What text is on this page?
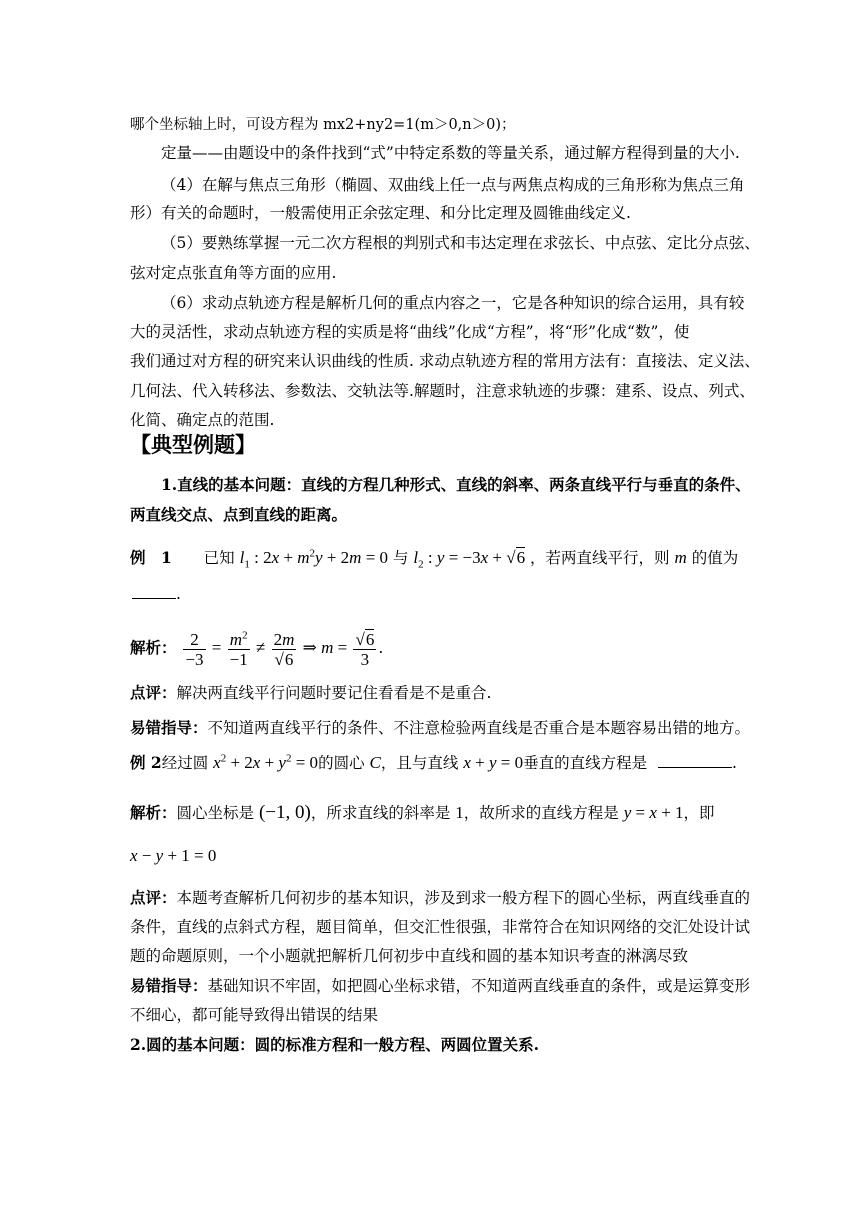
哪个坐标轴上时，可设方程为 mx2+ny2=1(m＞0,n＞0)；
定量——由题设中的条件找到“式”中特定系数的等量关系，通过解方程得到量的大小.
（4）在解与焦点三角形（椭圆、双曲线上任一点与两焦点构成的三角形称为焦点三角
形）有关的命题时，一般需使用正余弦定理、和分比定理及圆锥曲线定义.
（5）要熟练掌握一元二次方程根的判别式和韦达定理在求弦长、中点弦、定比分点弦、
弦对定点张直角等方面的应用.
（6）求动点轨迹方程是解析几何的重点内容之一，它是各种知识的综合运用，具有较
大的灵活性，求动点轨迹方程的实质是将“曲线”化成“方程”，将“形”化成“数”，使
我们通过对方程的研究来认识曲线的性质. 求动点轨迹方程的常用方法有：直接法、定义法、
几何法、代入转移法、参数法、交轨法等.解题时，注意求轨迹的步骤：建系、设点、列式、
化简、确定点的范围.
【典型例题】
1.直线的基本问题：直线的方程几种形式、直线的斜率、两条直线平行与垂直的条件、
两直线交点、点到直线的距离。
例　1 已知 $l_1$ : $2x + m^2y + 2m = 0$ 与 $l_2$ : y = −3x + √6 ，若两直线平行，则 m 的值为
.
解析： $\frac{2}{-3} = \frac{m^2}{-1} \ne \frac{2m}{√6}$ ⇒ $m = \frac{√6}{3}$ .
点评：解决两直线平行问题时要记住看看是不是重合.
易错指导：不知道两直线平行的条件、不注意检验两直线是否重合是本题容易出错的地方。
例 2经过圆 $x^2 + 2x + y^2 = 0$的圆心 C，且与直线 x + y = 0垂直的直线方程是	.
解析：圆心坐标是 (−1, 0)，所求直线的斜率是 1，故所求的直线方程是 y = x + 1，即
x − y + 1 = 0
点评：本题考查解析几何初步的基本知识，涉及到求一般方程下的圆心坐标，两直线垂直的
条件，直线的点斜式方程，题目简单，但交汇性很强，非常符合在知识网络的交汇处设计试
题的命题原则，一个小题就把解析几何初步中直线和圆的基本知识考查的淋漓尽致
易错指导：基础知识不牢固，如把圆心坐标求错，不知道两直线垂直的条件，或是运算变形
不细心，都可能导致得出错误的结果
2.圆的基本问题：圆的标准方程和一般方程、两圆位置关系.
